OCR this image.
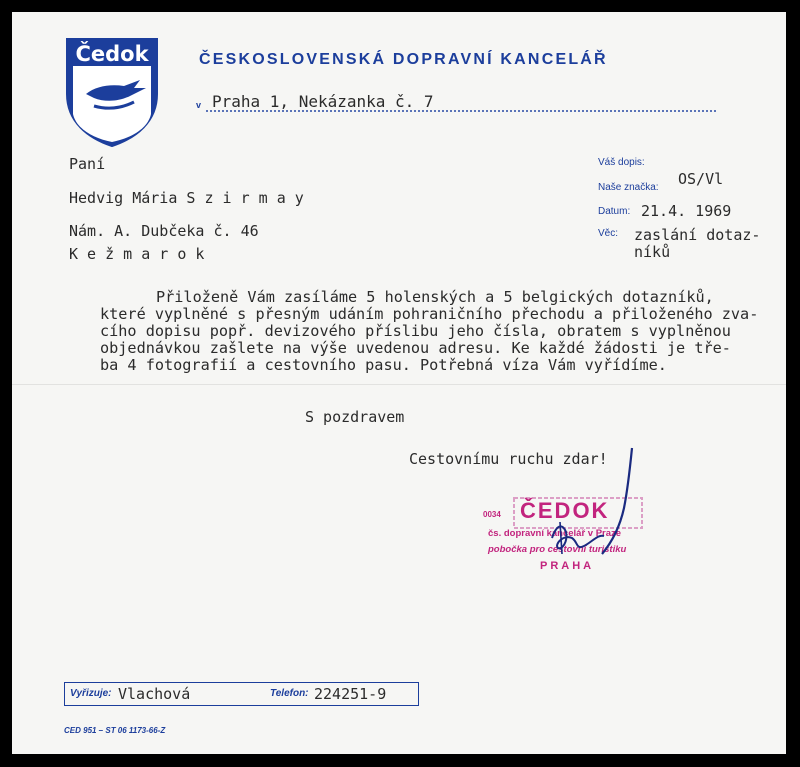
Čedok	ČESKOSLOVENSKÁ DOPRAVNÍ KANCELÁŘ
v Praha 1, Nekázanka č. 7
Váš dopis:
Naše značka: OS/Vl
Datum: 21.4. 1969
Věc: zaslání dotaz-
níků
Paní
Hedvig Mária S z i r m a y
Nám. A. Dubčeka č. 46
K e ž m a r o k
Přiloženě Vám zasíláme 5 holenských a 5 belgických dotazníků,
které vyplněné s přesným udáním pohraničního přechodu a přiloženého zva-
cího dopisu popř. devizového příslibu jeho čísla, obratem s vyplněnou
objednávkou zašlete na výše uvedenou adresu. Ke každé žádosti je tře-
ba 4 fotografií a cestovního pasu. Potřebná víza Vám vyřídíme.
S pozdravem
Cestovnímu ruchu zdar!
ČEDOK
0034
čs. dopravní kancelář v Praze
pobočka pro cestovní turistiku
PRAHA
Vyřizuje: Vlachová	Telefon: 224251-9
CED 951 – ST 06 1173-66-Z
